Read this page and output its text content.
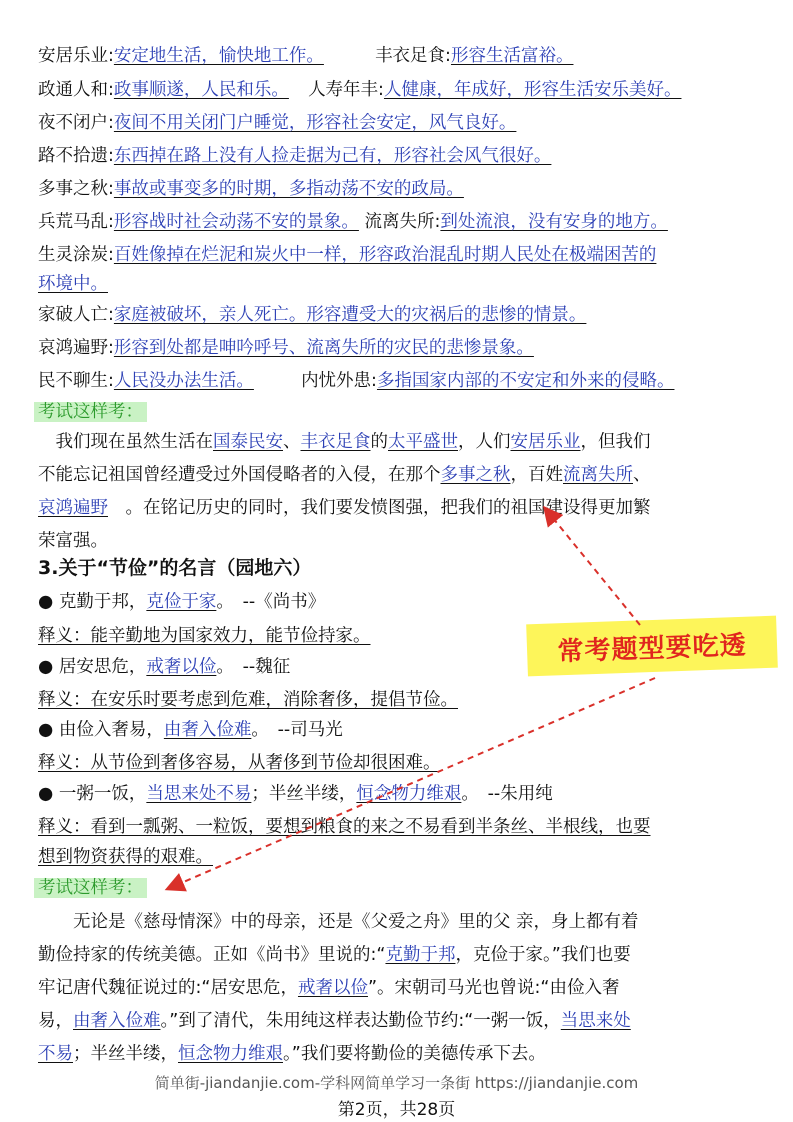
安居乐业:安定地生活，愉快地工作。	丰衣足食:形容生活富裕。
政通人和:政事顺遂，人民和乐。 人寿年丰:人健康，年成好，形容生活安乐美好。
夜不闭户:夜间不用关闭门户睡觉，形容社会安定，风气良好。
路不拾遗:东西掉在路上没有人捡走据为己有，形容社会风气很好。
多事之秋:事故或事变多的时期，多指动荡不安的政局。
兵荒马乱:形容战时社会动荡不安的景象。 流离失所:到处流浪，没有安身的地方。
生灵涂炭:百姓像掉在烂泥和炭火中一样，形容政治混乱时期人民处在极端困苦的
环境中。
家破人亡:家庭被破坏，亲人死亡。形容遭受大的灾祸后的悲惨的情景。
哀鸿遍野:形容到处都是呻吟呼号、流离失所的灾民的悲惨景象。
民不聊生:人民没办法生活。	内忧外患:多指国家内部的不安定和外来的侵略。
考试这样考：
　我们现在虽然生活在国泰民安、丰衣足食的太平盛世，人们安居乐业，但我们
不能忘记祖国曾经遭受过外国侵略者的入侵，在那个多事之秋，百姓流离失所、
哀鸿遍野　。在铭记历史的同时，我们要发愤图强，把我们的祖国建设得更加繁
荣富强。
3.关于“节俭”的名言（园地六）
● 克勤于邦，克俭于家。　--《尚书》
释义：能辛勤地为国家效力，能节俭持家。
● 居安思危，戒奢以俭。　--魏征
释义：在安乐时要考虑到危难，消除奢侈，提倡节俭。
● 由俭入奢易，由奢入俭难。　--司马光
释义：从节俭到奢侈容易，从奢侈到节俭却很困难。
● 一粥一饭，当思来处不易；半丝半缕，恒念物力维艰。　--朱用纯
释义：看到一瓢粥、一粒饭，要想到粮食的来之不易看到半条丝、半根线，也要
想到物资获得的艰难。
考试这样考：
　　无论是《慈母情深》中的母亲，还是《父爱之舟》里的父 亲，身上都有着
勤俭持家的传统美德。正如《尚书》里说的:“克勤于邦，克俭于家。”我们也要
牢记唐代魏征说过的:“居安思危，戒奢以俭”。宋朝司马光也曾说:“由俭入奢
易，由奢入俭难。”到了清代，朱用纯这样表达勤俭节约:“一粥一饭，当思来处
不易；半丝半缕，恒念物力维艰。”我们要将勤俭的美德传承下去。
常考题型要吃透
简单街-jiandanjie.com-学科网简单学习一条街 https://jiandanjie.com
第2页，共28页
